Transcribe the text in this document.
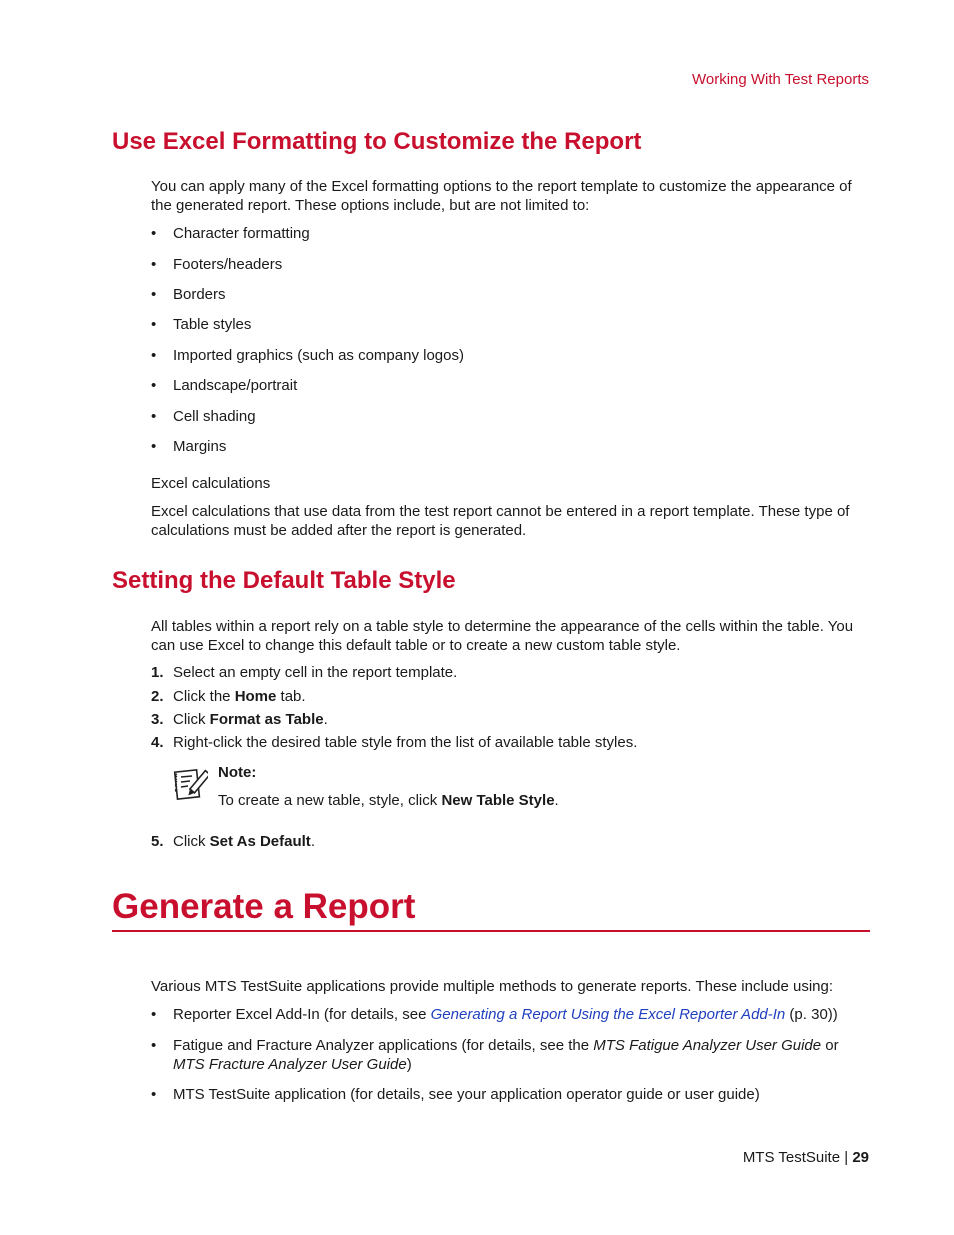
Working With Test Reports
Use Excel Formatting to Customize the Report
You can apply many of the Excel formatting options to the report template to customize the appearance of the generated report. These options include, but are not limited to:
• Character formatting
• Footers/headers
• Borders
• Table styles
• Imported graphics (such as company logos)
• Landscape/portrait
• Cell shading
• Margins
Excel calculations
Excel calculations that use data from the test report cannot be entered in a report template. These type of calculations must be added after the report is generated.
Setting the Default Table Style
All tables within a report rely on a table style to determine the appearance of the cells within the table. You can use Excel to change this default table or to create a new custom table style.
1. Select an empty cell in the report template.
2. Click the Home tab.
3. Click Format as Table.
4. Right-click the desired table style from the list of available table styles.
Note:
To create a new table, style, click New Table Style.
5. Click Set As Default.
Generate a Report
Various MTS TestSuite applications provide multiple methods to generate reports. These include using:
• Reporter Excel Add-In (for details, see Generating a Report Using the Excel Reporter Add-In (p. 30))
• Fatigue and Fracture Analyzer applications (for details, see the MTS Fatigue Analyzer User Guide or MTS Fracture Analyzer User Guide)
• MTS TestSuite application (for details, see your application operator guide or user guide)
MTS TestSuite | 29
